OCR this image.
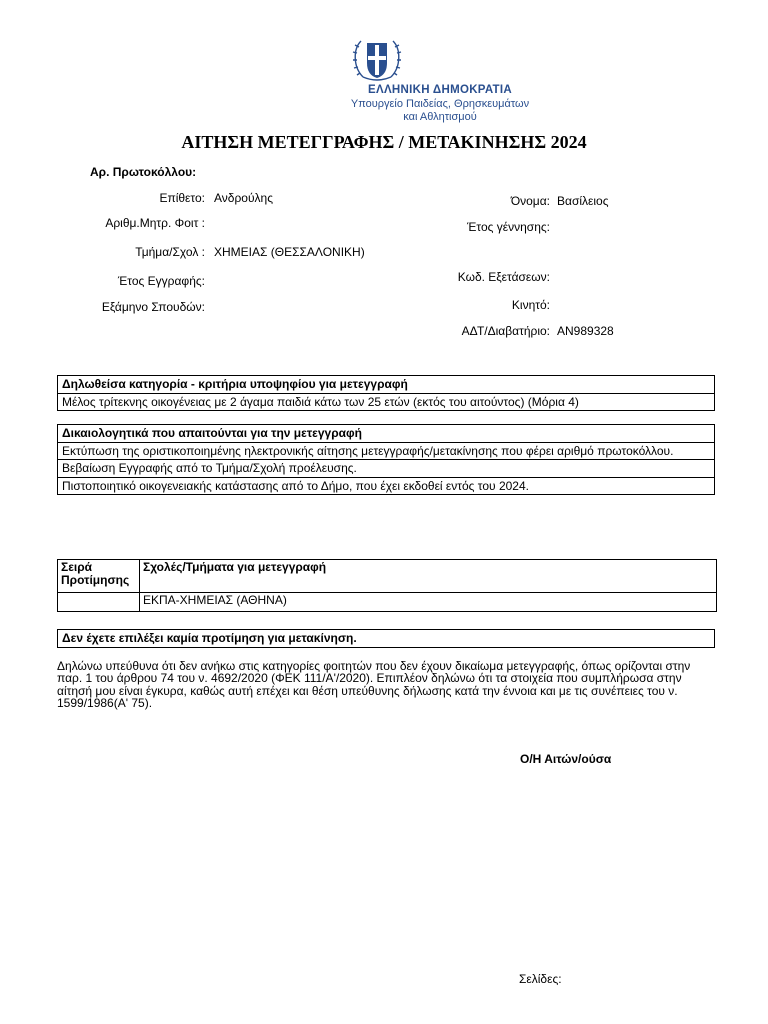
ΕΛΛΗΝΙΚΗ ΔΗΜΟΚΡΑΤΙΑ
Υπουργείο Παιδείας, Θρησκευμάτων
και Αθλητισμού
ΑΙΤΗΣΗ ΜΕΤΕΓΓΡΑΦΗΣ / ΜΕΤΑΚΙΝΗΣΗΣ 2024
Αρ. Πρωτοκόλλου:
Επίθετο: Ανδρούλης
Αριθμ.Μητρ. Φοιτ :
Τμήμα/Σχολ : ΧΗΜΕΙΑΣ (ΘΕΣΣΑΛΟΝΙΚΗ)
Έτος Εγγραφής:
Εξάμηνο Σπουδών:
Όνομα: Βασίλειος
Έτος γέννησης:
Κωδ. Εξετάσεων:
Κινητό:
ΑΔΤ/Διαβατήριο: ΑΝ989328
Δηλωθείσα κατηγορία - κριτήρια υποψηφίου για μετεγγραφή
Μέλος τρίτεκνης οικογένειας με 2 άγαμα παιδιά κάτω των 25 ετών (εκτός του αιτούντος) (Μόρια 4)
Δικαιολογητικά που απαιτούνται για την μετεγγραφή
Εκτύπωση της οριστικοποιημένης ηλεκτρονικής αίτησης μετεγγραφής/μετακίνησης που φέρει αριθμό πρωτοκόλλου.
Βεβαίωση Εγγραφής από το Τμήμα/Σχολή προέλευσης.
Πιστοποιητικό οικογενειακής κατάστασης από το Δήμο, που έχει εκδοθεί εντός του 2024.
Σειρά Προτίμησης
Σχολές/Τμήματα για μετεγγραφή
ΕΚΠΑ-ΧΗΜΕΙΑΣ (ΑΘΗΝΑ)
Δεν έχετε επιλέξει καμία προτίμηση για μετακίνηση.
Δηλώνω υπεύθυνα ότι δεν ανήκω στις κατηγορίες φοιτητών που δεν έχουν δικαίωμα μετεγγραφής, όπως ορίζονται στην παρ. 1 του άρθρου 74 του ν. 4692/2020 (ΦΕΚ 111/Α'/2020). Επιπλέον δηλώνω ότι τα στοιχεία που συμπλήρωσα στην αίτησή μου είναι έγκυρα, καθώς αυτή επέχει και θέση υπεύθυνης δήλωσης κατά την έννοια και με τις συνέπειες του ν. 1599/1986(Α' 75).
Ο/Η Αιτών/ούσα
Σελίδες:
